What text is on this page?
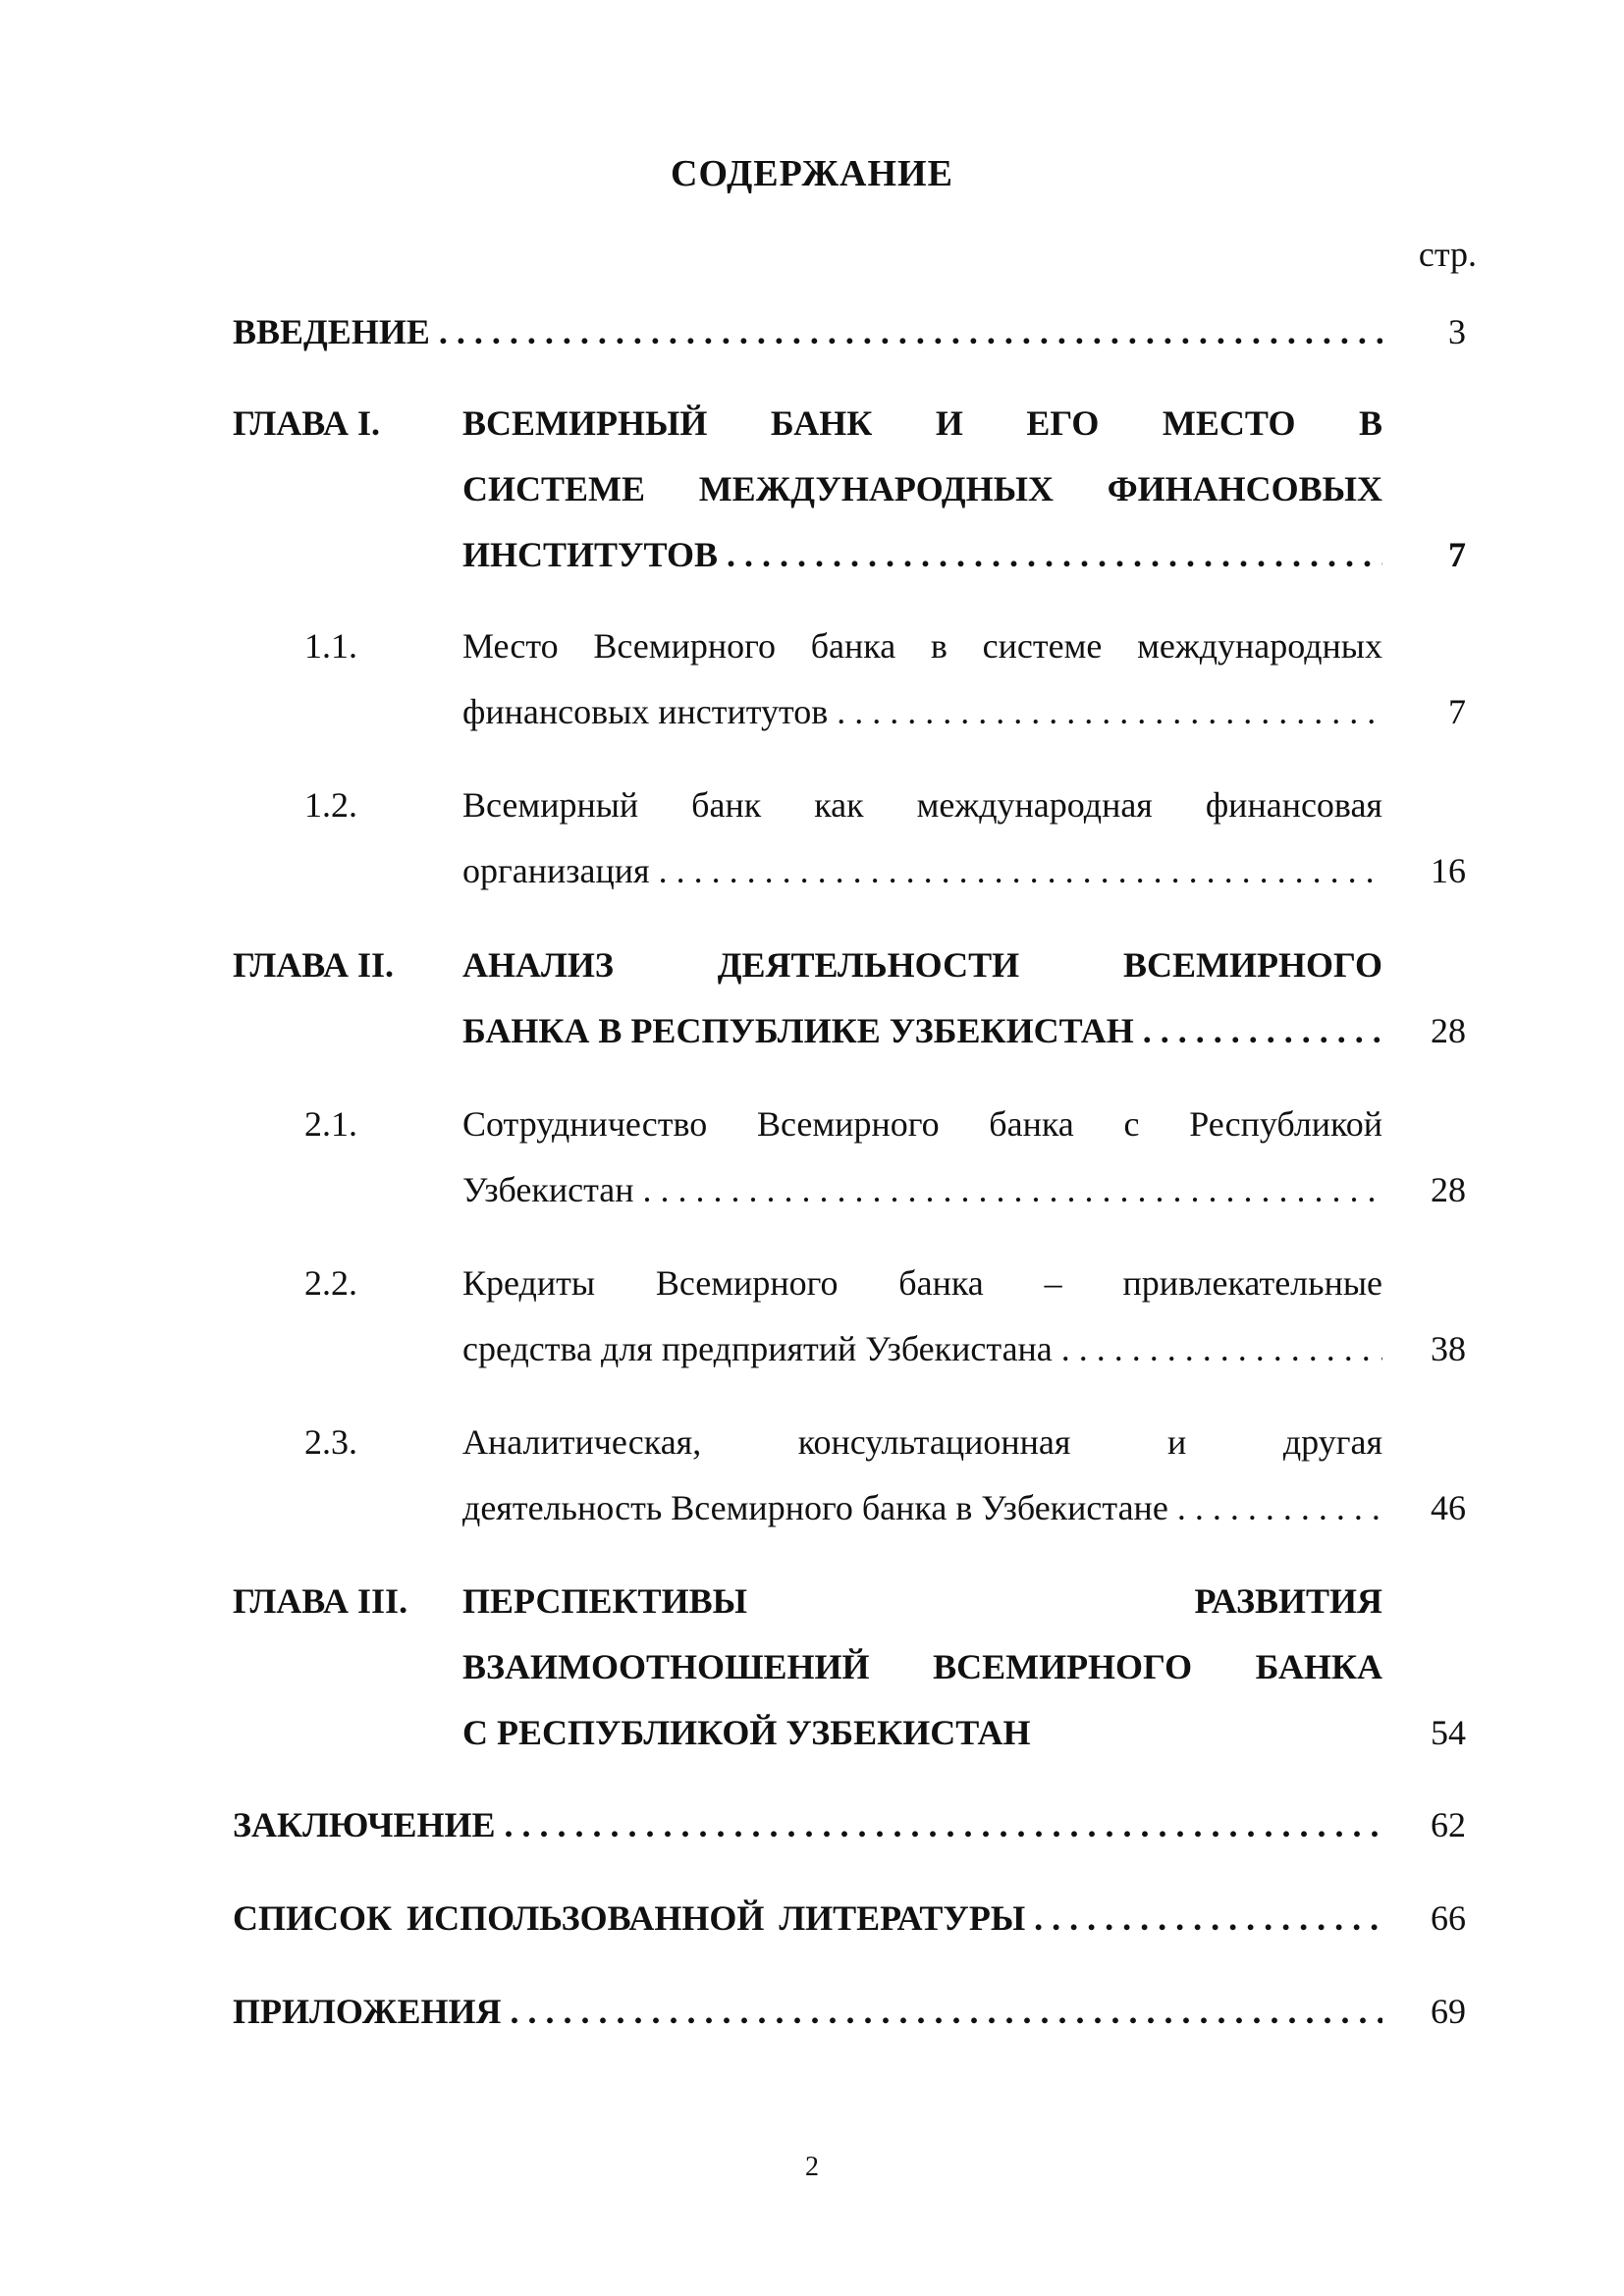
СОДЕРЖАНИЕ
стр.
ВВЕДЕНИЕ . . .	3
ГЛАВА I. ВСЕМИРНЫЙ БАНК И ЕГО МЕСТО В
СИСТЕМЕ МЕЖДУНАРОДНЫХ ФИНАНСОВЫХ
ИНСТИТУТОВ . . .	7
1.1.	Место Всемирного банка в системе международных
финансовых институтов . . .	7
1.2.	Всемирный банк как международная финансовая
организация . . .	16
ГЛАВА II. АНАЛИЗ ДЕЯТЕЛЬНОСТИ ВСЕМИРНОГО
БАНКА В РЕСПУБЛИКЕ УЗБЕКИСТАН . . .	28
2.1.	Сотрудничество Всемирного банка с Республикой
Узбекистан . . .	28
2.2.	Кредиты Всемирного банка – привлекательные
средства для предприятий Узбекистана . . .	38
2.3.	Аналитическая, консультационная и другая
деятельность Всемирного банка в Узбекистане . . .	46
ГЛАВА III. ПЕРСПЕКТИВЫ РАЗВИТИЯ
ВЗАИМООТНОШЕНИЙ ВСЕМИРНОГО БАНКА
С РЕСПУБЛИКОЙ УЗБЕКИСТАН	54
ЗАКЛЮЧЕНИЕ . . .	62
СПИСОК ИСПОЛЬЗОВАННОЙ ЛИТЕРАТУРЫ . . .	66
ПРИЛОЖЕНИЯ . . .	69
2
